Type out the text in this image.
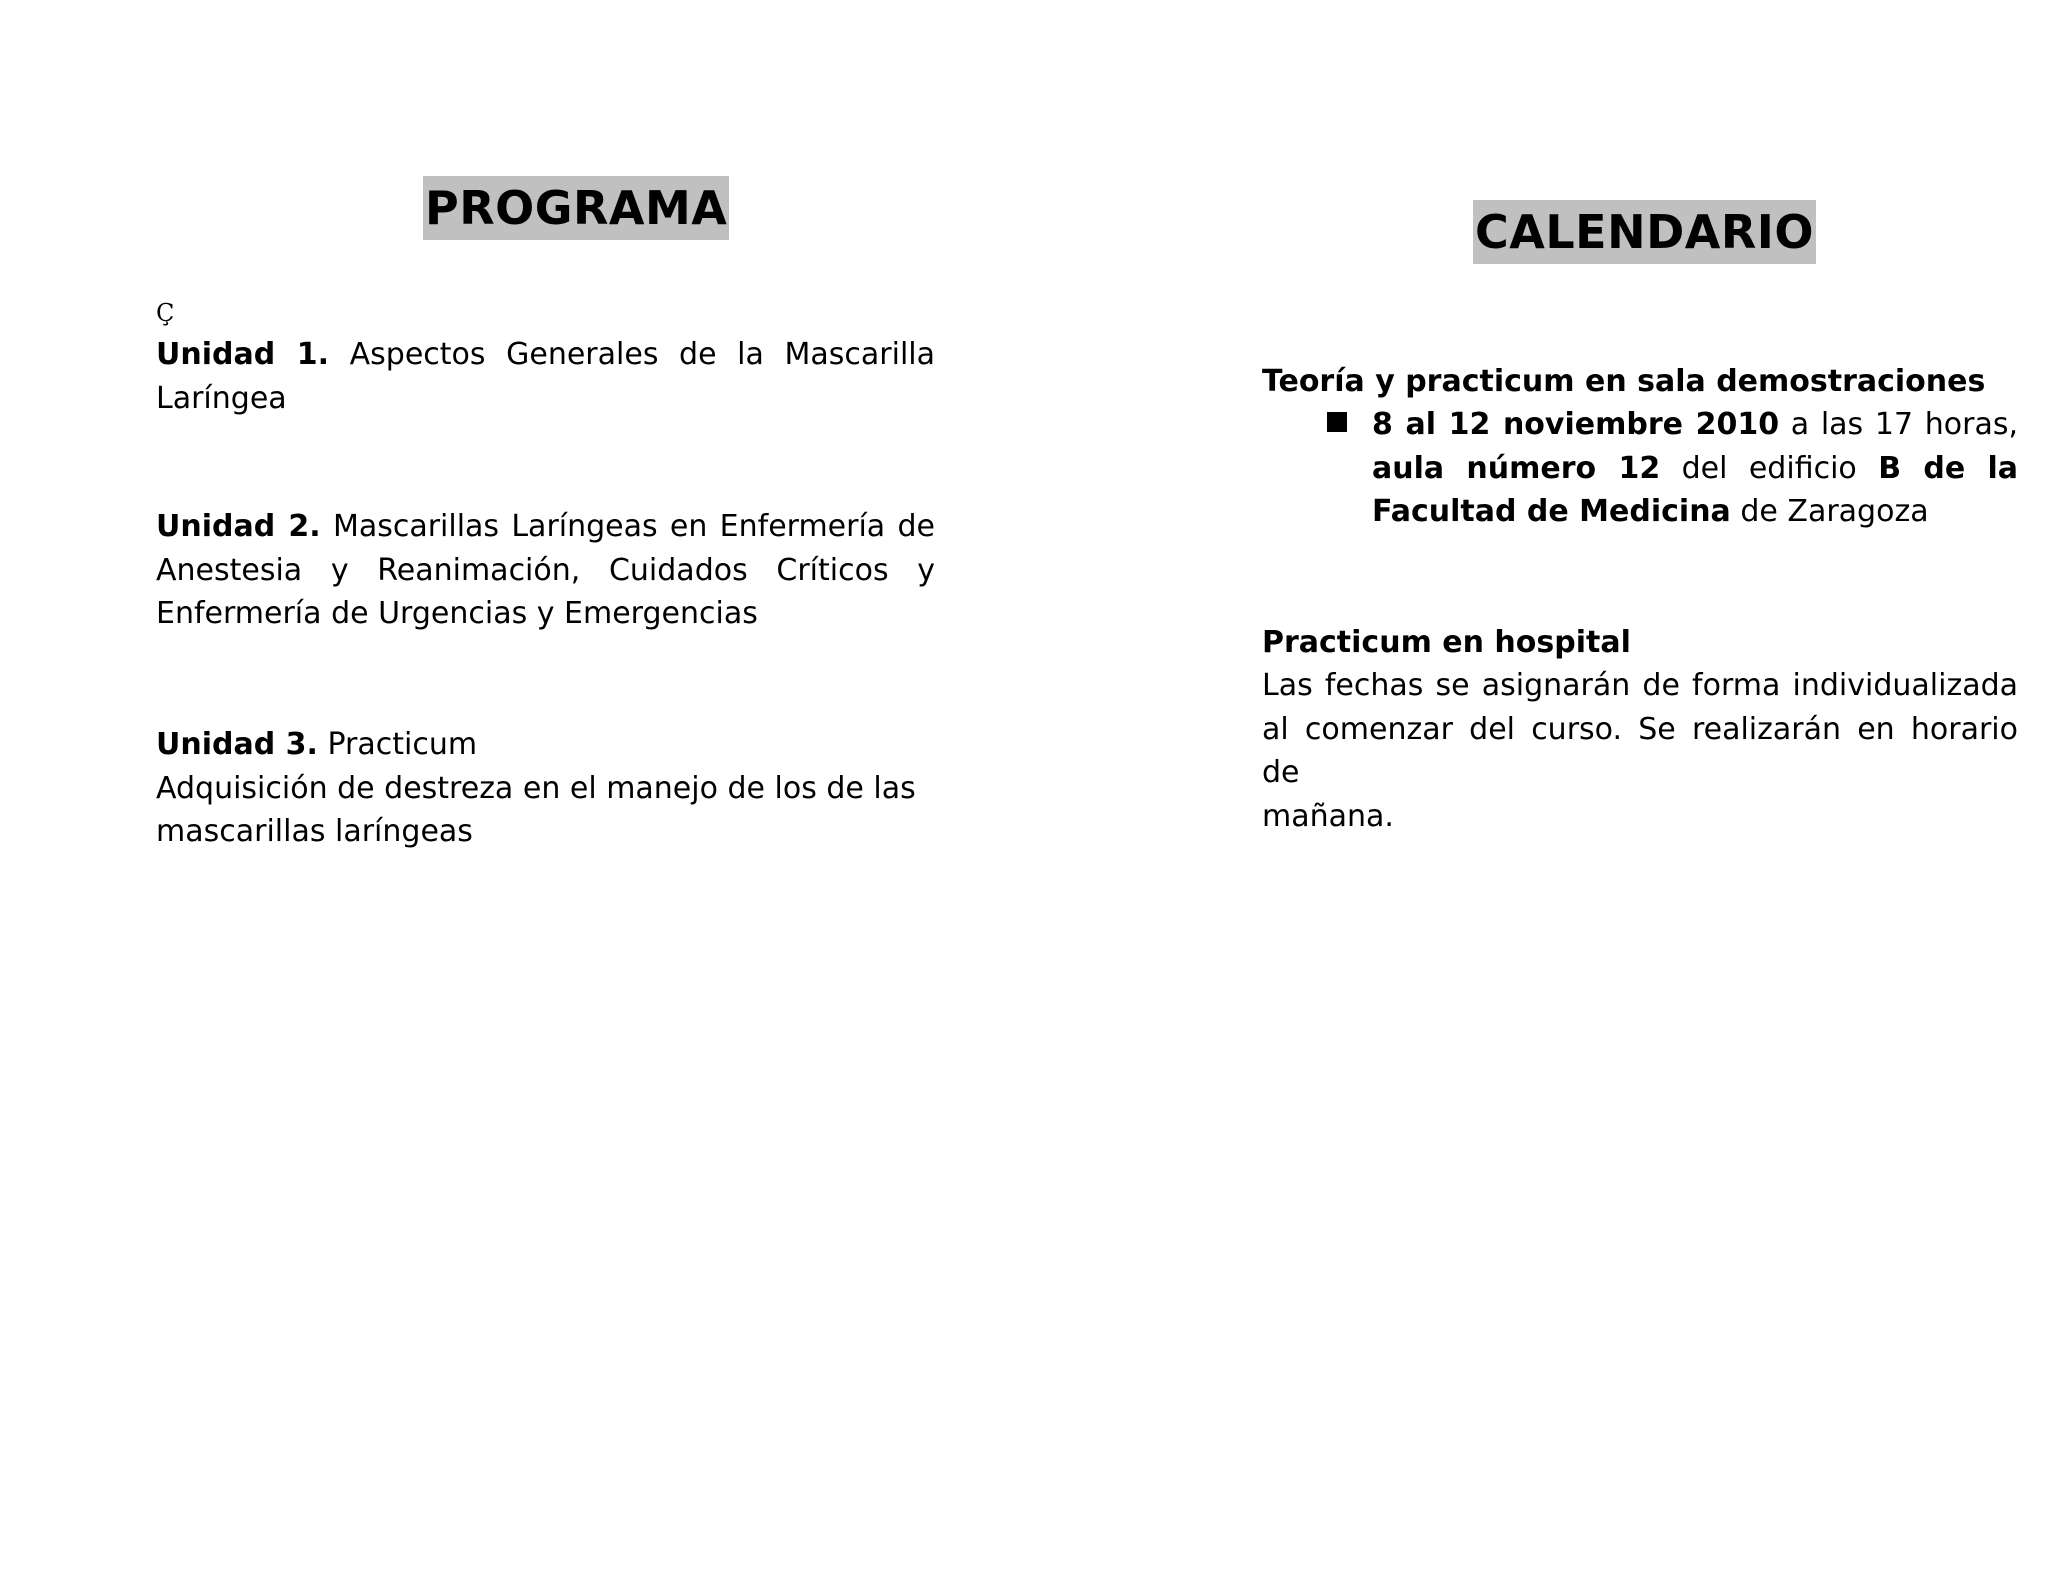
PROGRAMA
Ç
Unidad 1. Aspectos Generales de la Mascarilla
Laríngea
Unidad 2. Mascarillas Laríngeas en Enfermería de
Anestesia y Reanimación, Cuidados Críticos y
Enfermería de Urgencias y Emergencias
Unidad 3. Practicum
Adquisición de destreza en el manejo de los de las
mascarillas laríngeas
CALENDARIO
Teoría y practicum en sala demostraciones
8 al 12 noviembre 2010 a las 17 horas,
aula número 12 del edificio B de la
Facultad de Medicina de Zaragoza
Practicum en hospital
Las fechas se asignarán de forma individualizada
al comenzar del curso. Se realizarán en horario de
mañana.
